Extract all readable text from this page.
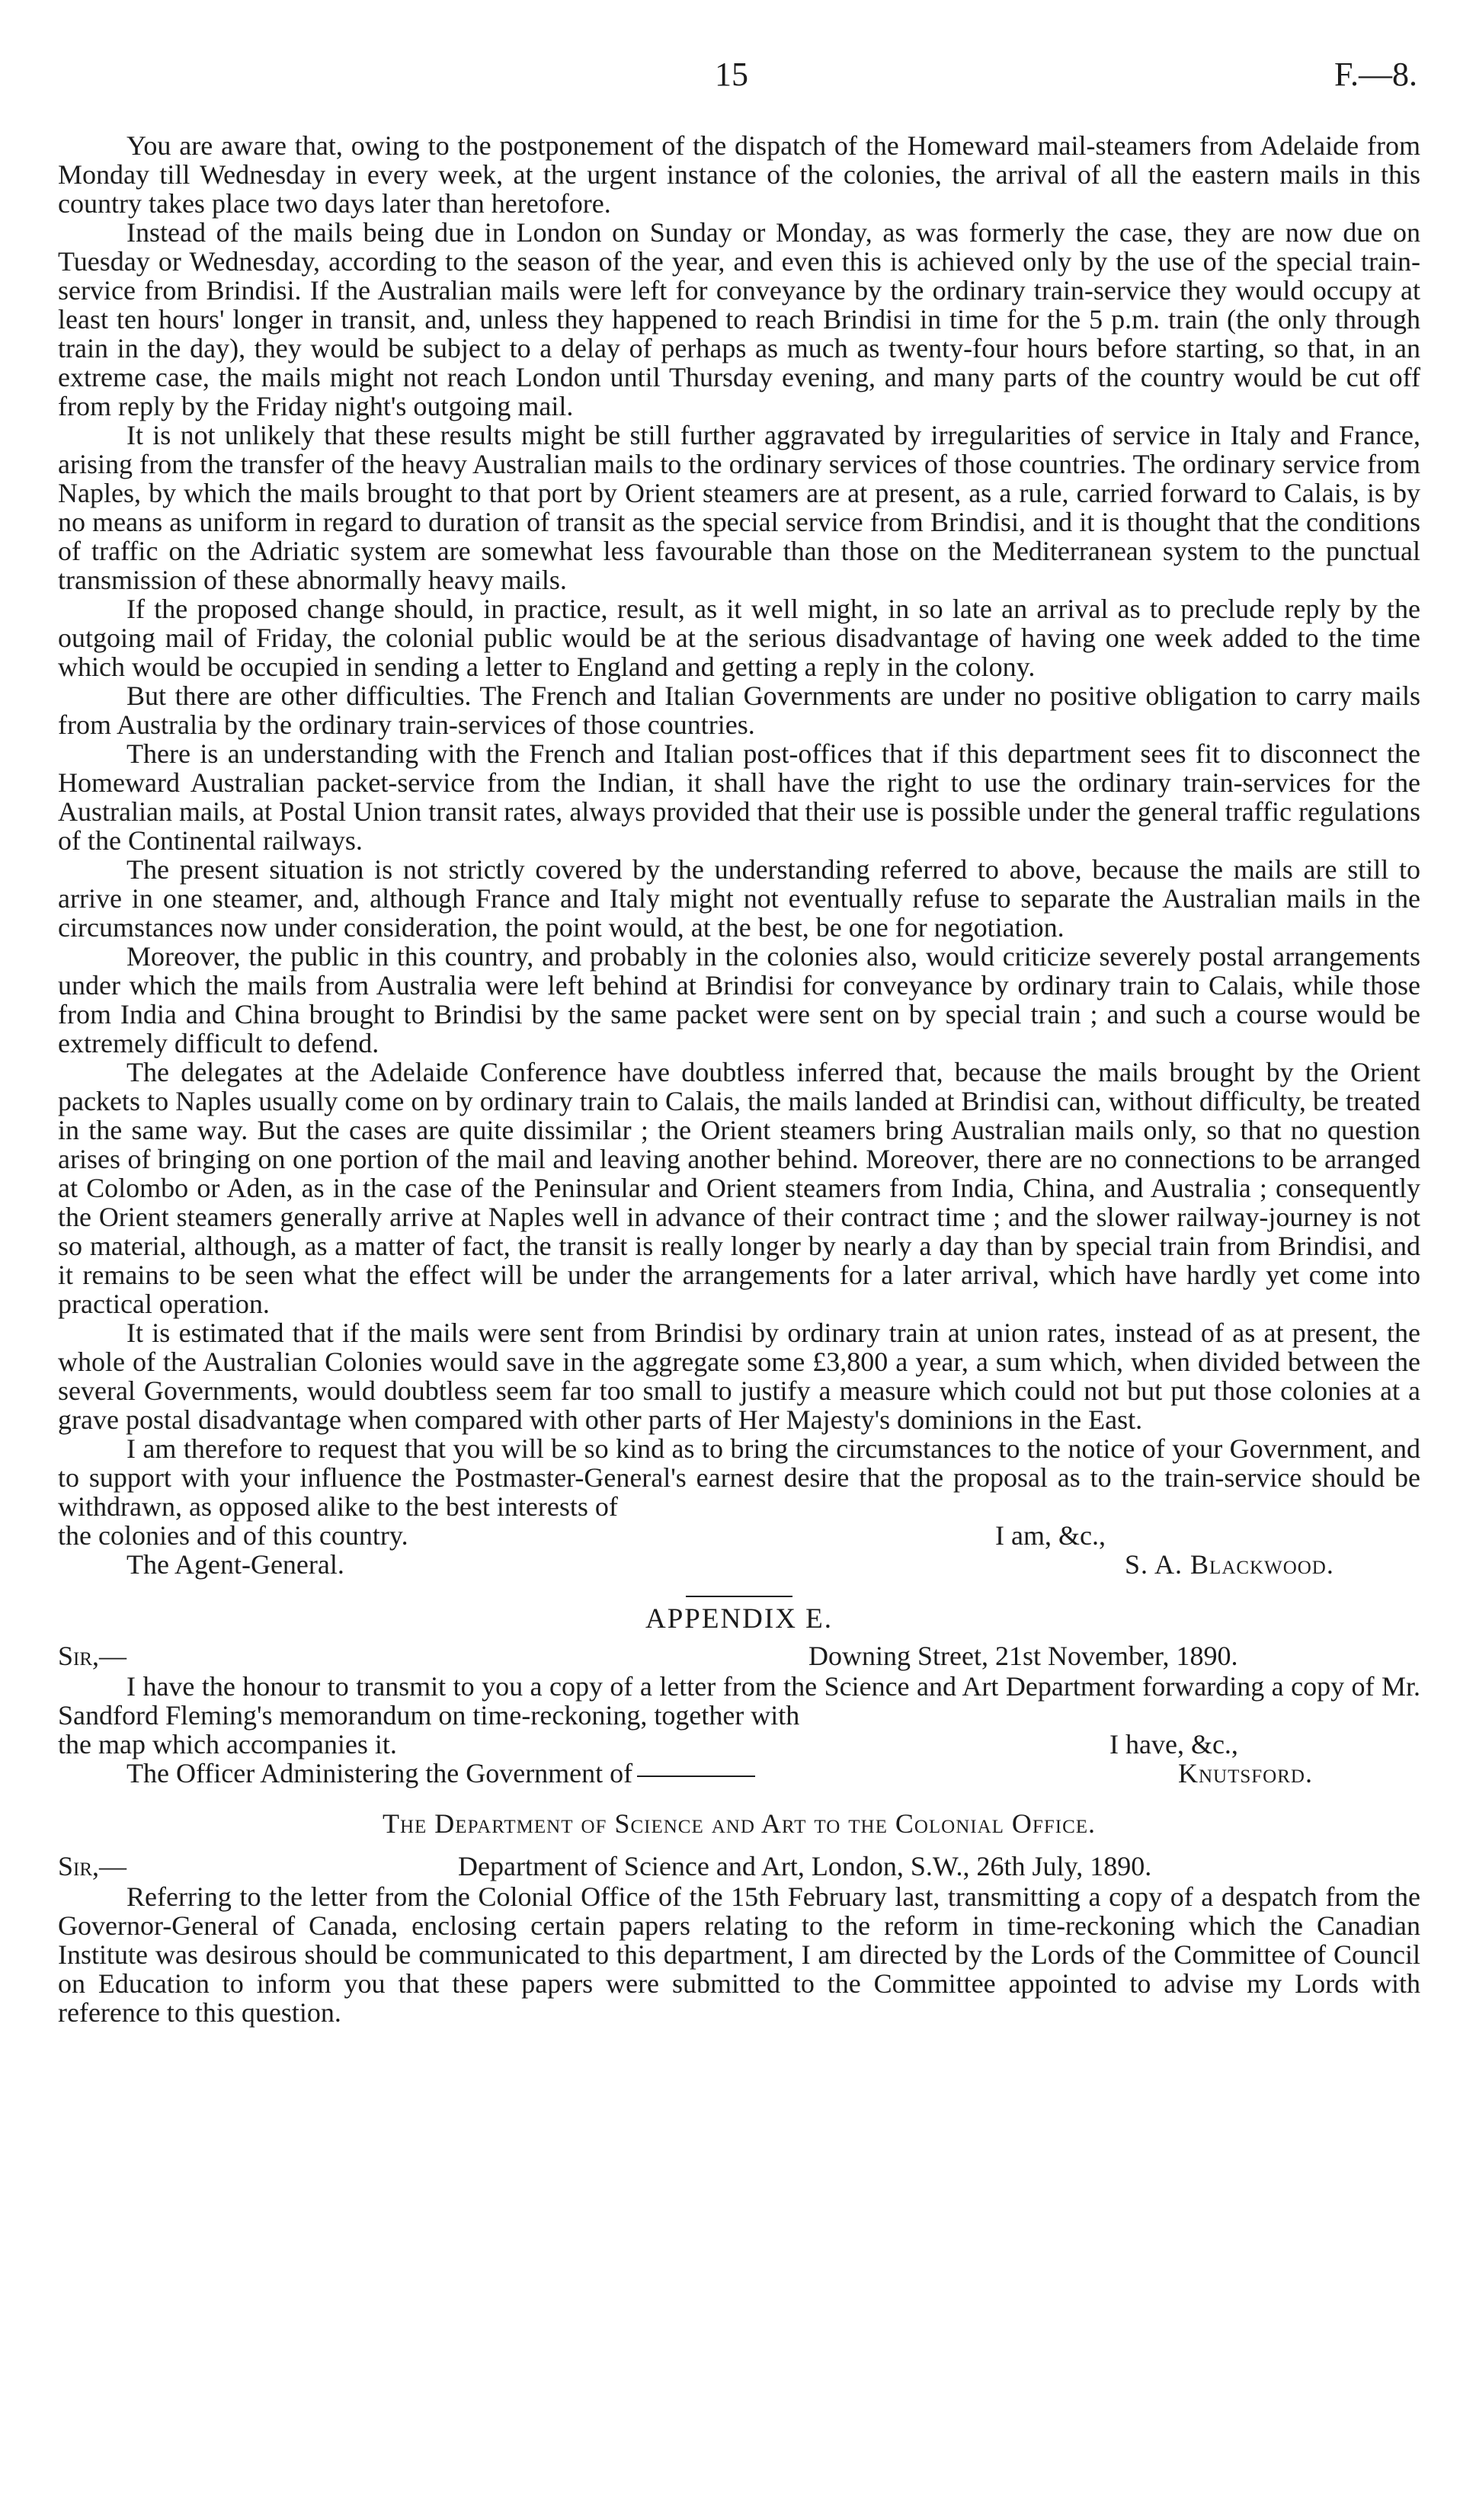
15	F.—8.

You are aware that, owing to the postponement of the dispatch of the Homeward mail-steamers from Adelaide from Monday till Wednesday in every week, at the urgent instance of the colonies, the arrival of all the eastern mails in this country takes place two days later than heretofore.

Instead of the mails being due in London on Sunday or Monday, as was formerly the case, they are now due on Tuesday or Wednesday, according to the season of the year, and even this is achieved only by the use of the special train-service from Brindisi. If the Australian mails were left for conveyance by the ordinary train-service they would occupy at least ten hours' longer in transit, and, unless they happened to reach Brindisi in time for the 5 p.m. train (the only through train in the day), they would be subject to a delay of perhaps as much as twenty-four hours before starting, so that, in an extreme case, the mails might not reach London until Thursday evening, and many parts of the country would be cut off from reply by the Friday night's outgoing mail.

It is not unlikely that these results might be still further aggravated by irregularities of service in Italy and France, arising from the transfer of the heavy Australian mails to the ordinary services of those countries. The ordinary service from Naples, by which the mails brought to that port by Orient steamers are at present, as a rule, carried forward to Calais, is by no means as uniform in regard to duration of transit as the special service from Brindisi, and it is thought that the conditions of traffic on the Adriatic system are somewhat less favourable than those on the Mediterranean system to the punctual transmission of these abnormally heavy mails.

If the proposed change should, in practice, result, as it well might, in so late an arrival as to preclude reply by the outgoing mail of Friday, the colonial public would be at the serious disadvantage of having one week added to the time which would be occupied in sending a letter to England and getting a reply in the colony.

But there are other difficulties. The French and Italian Governments are under no positive obligation to carry mails from Australia by the ordinary train-services of those countries.

There is an understanding with the French and Italian post-offices that if this department sees fit to disconnect the Homeward Australian packet-service from the Indian, it shall have the right to use the ordinary train-services for the Australian mails, at Postal Union transit rates, always provided that their use is possible under the general traffic regulations of the Continental railways.

The present situation is not strictly covered by the understanding referred to above, because the mails are still to arrive in one steamer, and, although France and Italy might not eventually refuse to separate the Australian mails in the circumstances now under consideration, the point would, at the best, be one for negotiation.

Moreover, the public in this country, and probably in the colonies also, would criticize severely postal arrangements under which the mails from Australia were left behind at Brindisi for conveyance by ordinary train to Calais, while those from India and China brought to Brindisi by the same packet were sent on by special train ; and such a course would be extremely difficult to defend.

The delegates at the Adelaide Conference have doubtless inferred that, because the mails brought by the Orient packets to Naples usually come on by ordinary train to Calais, the mails landed at Brindisi can, without difficulty, be treated in the same way. But the cases are quite dissimilar ; the Orient steamers bring Australian mails only, so that no question arises of bringing on one portion of the mail and leaving another behind. Moreover, there are no connections to be arranged at Colombo or Aden, as in the case of the Peninsular and Orient steamers from India, China, and Australia ; consequently the Orient steamers generally arrive at Naples well in advance of their contract time ; and the slower railway-journey is not so material, although, as a matter of fact, the transit is really longer by nearly a day than by special train from Brindisi, and it remains to be seen what the effect will be under the arrangements for a later arrival, which have hardly yet come into practical operation.

It is estimated that if the mails were sent from Brindisi by ordinary train at union rates, instead of as at present, the whole of the Australian Colonies would save in the aggregate some £3,800 a year, a sum which, when divided between the several Governments, would doubtless seem far too small to justify a measure which could not but put those colonies at a grave postal disadvantage when compared with other parts of Her Majesty's dominions in the East.

I am therefore to request that you will be so kind as to bring the circumstances to the notice of your Government, and to support with your influence the Postmaster-General's earnest desire that the proposal as to the train-service should be withdrawn, as opposed alike to the best interests of

the colonies and of this country.	I am, &c.,
The Agent-General.	S. A. Blackwood.
APPENDIX E.
Sir,—	Downing Street, 21st November, 1890.

I have the honour to transmit to you a copy of a letter from the Science and Art Department forwarding a copy of Mr. Sandford Fleming's memorandum on time-reckoning, together with

the map which accompanies it.	I have, &c.,
The Officer Administering the Government of	Knutsford.
The Department of Science and Art to the Colonial Office.
Sir,—	Department of Science and Art, London, S.W., 26th July, 1890.

Referring to the letter from the Colonial Office of the 15th February last, transmitting a copy of a despatch from the Governor-General of Canada, enclosing certain papers relating to the reform in time-reckoning which the Canadian Institute was desirous should be communicated to this department, I am directed by the Lords of the Committee of Council on Education to inform you that these papers were submitted to the Committee appointed to advise my Lords with reference to this question.
